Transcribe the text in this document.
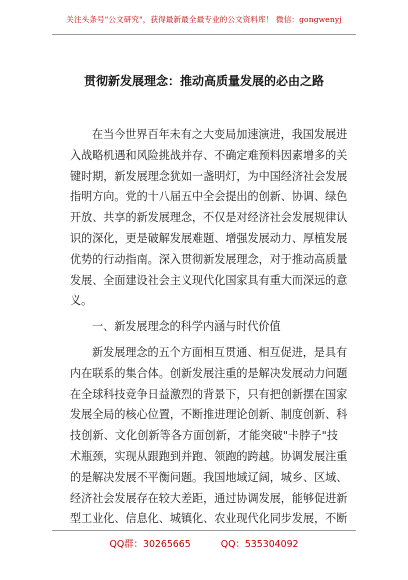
关注头条号"公文研究"，获得最新最全最专业的公文资料库！ 微信：gongwenyj
贯彻新发展理念：推动高质量发展的必由之路
在当今世界百年未有之大变局加速演进，我国发展进
入战略机遇和风险挑战并存、不确定难预料因素增多的关
键时期，新发展理念犹如一盏明灯，为中国经济社会发展
指明方向。党的十八届五中全会提出的创新、协调、绿色
开放、共享的新发展理念，不仅是对经济社会发展规律认
识的深化，更是破解发展难题、增强发展动力、厚植发展
优势的行动指南。深入贯彻新发展理念，对于推动高质量
发展、全面建设社会主义现代化国家具有重大而深远的意
义。
一、新发展理念的科学内涵与时代价值
新发展理念的五个方面相互贯通、相互促进，是具有
内在联系的集合体。创新发展注重的是解决发展动力问题
在全球科技竞争日益激烈的背景下，只有把创新摆在国家
发展全局的核心位置，不断推进理论创新、制度创新、科
技创新、文化创新等各方面创新，才能突破"卡脖子"技
术瓶颈，实现从跟跑到并跑、领跑的跨越。协调发展注重
的是解决发展不平衡问题。我国地域辽阔，城乡、区域、
经济社会发展存在较大差距，通过协调发展，能够促进新
型工业化、信息化、城镇化、农业现代化同步发展，不断
QQ群：30265665	QQ：535304092
